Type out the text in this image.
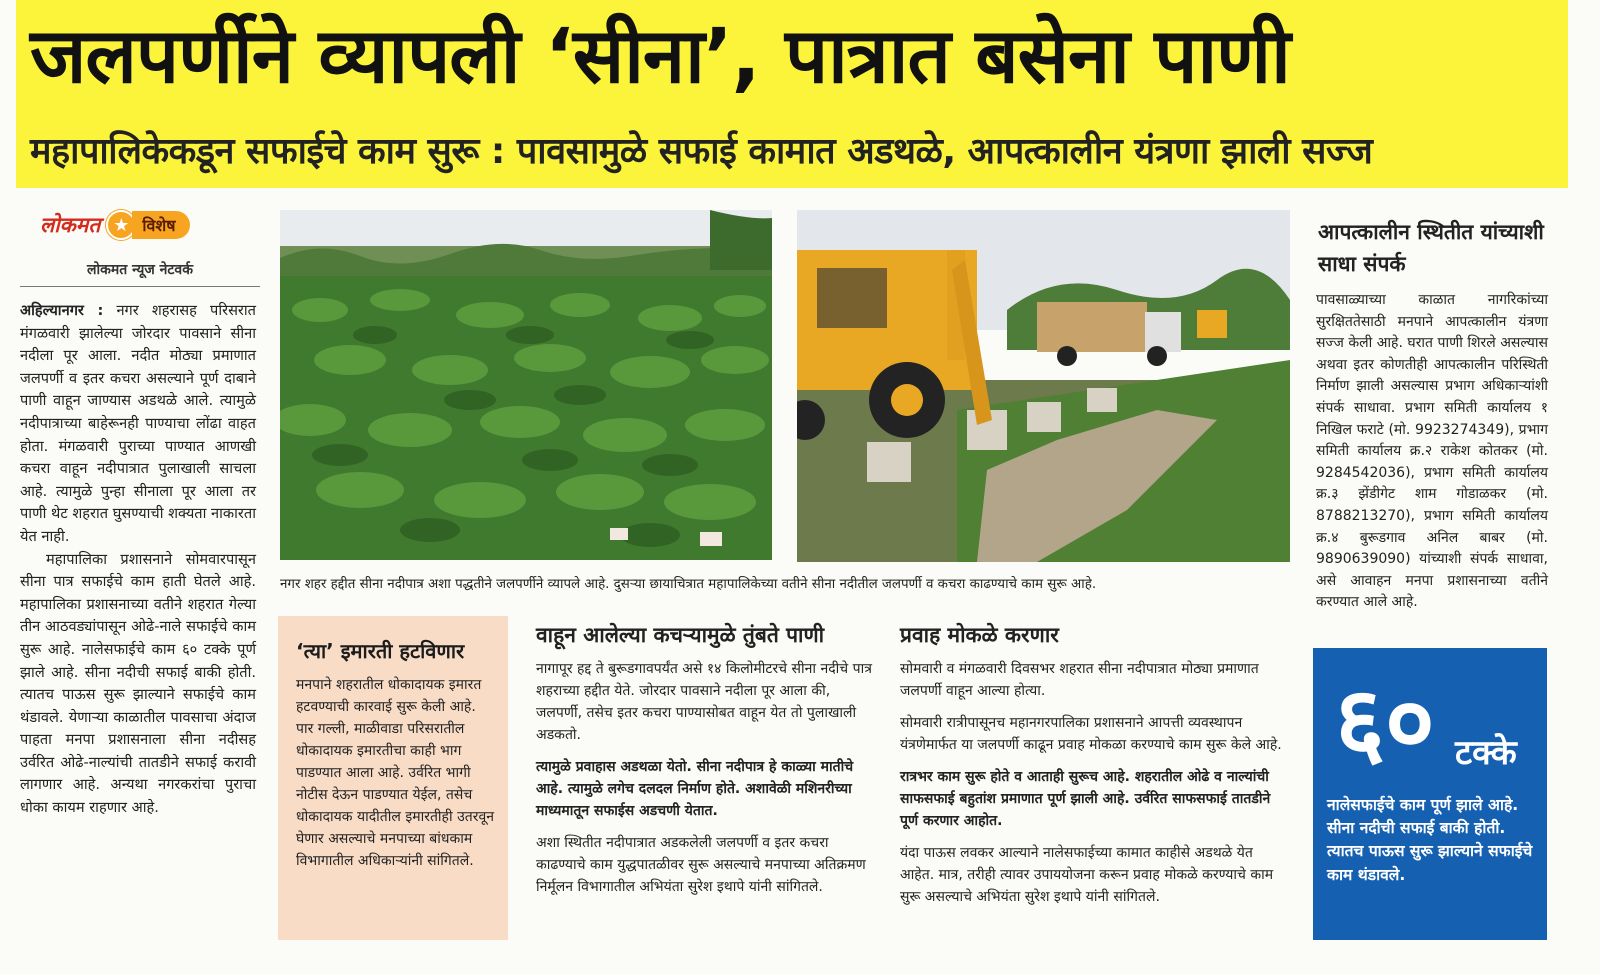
जलपर्णीने व्यापली ‘सीना’, पात्रात बसेना पाणी
महापालिकेकडून सफाईचे काम सुरू : पावसामुळे सफाई कामात अडथळे, आपत्कालीन यंत्रणा झाली सज्ज
लोकमत ★ विशेष
लोकमत न्यूज नेटवर्क

अहिल्यानगर : नगर शहरासह परिसरात मंगळवारी झालेल्या जोरदार पावसाने सीना नदीला पूर आला. नदीत मोठ्या प्रमाणात जलपर्णी व इतर कचरा असल्याने पूर्ण दाबाने पाणी वाहून जाण्यास अडथळे आले. त्यामुळे नदीपात्राच्या बाहेरूनही पाण्याचा लोंढा वाहत होता. मंगळवारी पुराच्या पाण्यात आणखी कचरा वाहून नदीपात्रात पुलाखाली साचला आहे. त्यामुळे पुन्हा सीनाला पूर आला तर पाणी थेट शहरात घुसण्याची शक्यता नाकारता येत नाही.

महापालिका प्रशासनाने सोमवारपासून सीना पात्र सफाईचे काम हाती घेतले आहे. महापालिका प्रशासनाच्या वतीने शहरात गेल्या तीन आठवड्यांपासून ओढे-नाले सफाईचे काम सुरू आहे. नालेसफाईचे काम ६० टक्के पूर्ण झाले आहे. सीना नदीची सफाई बाकी होती. त्यातच पाऊस सुरू झाल्याने सफाईचे काम थंडावले. येणाऱ्या काळातील पावसाचा अंदाज पाहता मनपा प्रशासनाला सीना नदीसह उर्वरित ओढे-नाल्यांची तातडीने सफाई करावी लागणार आहे. अन्यथा नगरकरांचा पुराचा धोका कायम राहणार आहे.

नगर शहर हद्दीत सीना नदीपात्र अशा पद्धतीने जलपर्णीने व्यापले आहे. दुसऱ्या छायाचित्रात महापालिकेच्या वतीने सीना नदीतील जलपर्णी व कचरा काढण्याचे काम सुरू आहे.
आपत्कालीन स्थितीत यांच्याशी साधा संपर्क
पावसाळ्याच्या काळात नागरिकांच्या सुरक्षिततेसाठी मनपाने आपत्कालीन यंत्रणा सज्ज केली आहे. घरात पाणी शिरले असल्यास अथवा इतर कोणतीही आपत्कालीन परिस्थिती निर्माण झाली असल्यास प्रभाग अधिकाऱ्यांशी संपर्क साधावा. प्रभाग समिती कार्यालय १ निखिल फराटे (मो. 9923274349), प्रभाग समिती कार्यालय क्र.२ राकेश कोतकर (मो. 9284542036), प्रभाग समिती कार्यालय क्र.३ झेंडीगेट शाम गोडाळकर (मो. 8788213270), प्रभाग समिती कार्यालय क्र.४ बुरूडगाव अनिल बाबर (मो. 9890639090) यांच्याशी संपर्क साधावा, असे आवाहन मनपा प्रशासनाच्या वतीने करण्यात आले आहे.
६० टक्के
नालेसफाईचे काम पूर्ण झाले आहे. सीना नदीची सफाई बाकी होती. त्यातच पाऊस सुरू झाल्याने सफाईचे काम थंडावले.
‘त्या’ इमारती हटविणार
मनपाने शहरातील धोकादायक इमारत हटवण्याची कारवाई सुरू केली आहे. पार गल्ली, माळीवाडा परिसरातील धोकादायक इमारतीचा काही भाग पाडण्यात आला आहे. उर्वरित भागी नोटीस देऊन पाडण्यात येईल, तसेच धोकादायक यादीतील इमारतीही उतरवून घेणार असल्याचे मनपाच्या बांधकाम विभागातील अधिकाऱ्यांनी सांगितले.
वाहून आलेल्या कचऱ्यामुळे तुंबते पाणी

नागापूर हद्द ते बुरूडगावपर्यंत असे १४ किलोमीटरचे सीना नदीचे पात्र शहराच्या हद्दीत येते. जोरदार पावसाने नदीला पूर आला की, जलपर्णी, तसेच इतर कचरा पाण्यासोबत वाहून येत तो पुलाखाली अडकतो.

त्यामुळे प्रवाहास अडथळा येतो. सीना नदीपात्र हे काळ्या मातीचे आहे. त्यामुळे लगेच दलदल निर्माण होते. अशावेळी मशिनरीच्या माध्यमातून सफाईस अडचणी येतात.

अशा स्थितीत नदीपात्रात अडकलेली जलपर्णी व इतर कचरा काढण्याचे काम युद्धपातळीवर सुरू असल्याचे मनपाच्या अतिक्रमण निर्मूलन विभागातील अभियंता सुरेश इथापे यांनी सांगितले.

प्रवाह मोकळे करणार

सोमवारी व मंगळवारी दिवसभर शहरात सीना नदीपात्रात मोठ्या प्रमाणात जलपर्णी वाहून आल्या होत्या.

सोमवारी रात्रीपासूनच महानगरपालिका प्रशासनाने आपत्ती व्यवस्थापन यंत्रणेमार्फत या जलपर्णी काढून प्रवाह मोकळा करण्याचे काम सुरू केले आहे.

रात्रभर काम सुरू होते व आताही सुरूच आहे. शहरातील ओढे व नाल्यांची साफसफाई बहुतांश प्रमाणात पूर्ण झाली आहे. उर्वरित साफसफाई तातडीने पूर्ण करणार आहोत.

यंदा पाऊस लवकर आल्याने नालेसफाईच्या कामात काहीसे अडथळे येत आहेत. मात्र, तरीही त्यावर उपाययोजना करून प्रवाह मोकळे करण्याचे काम सुरू असल्याचे अभियंता सुरेश इथापे यांनी सांगितले.
